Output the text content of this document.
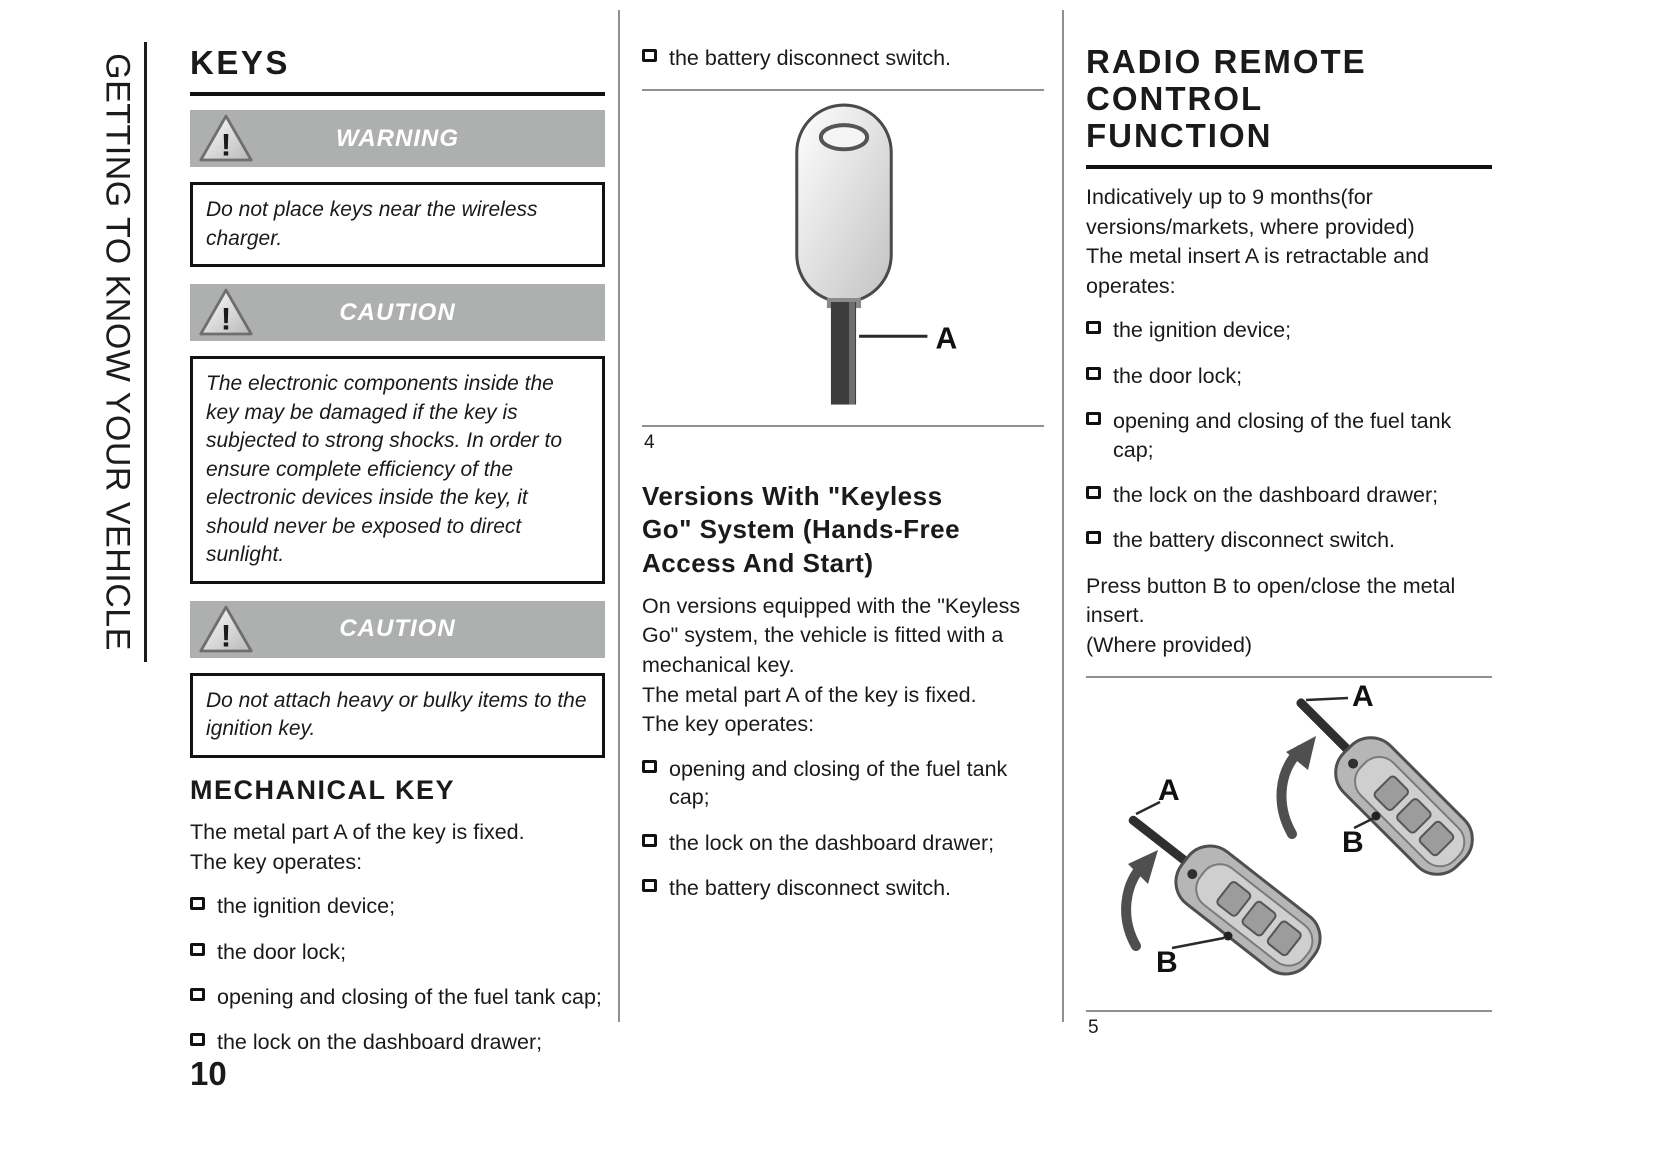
GETTING TO KNOW YOUR VEHICLE KEYS
!	WARNING
Do not place keys near the wireless charger.
!	CAUTION
The electronic components inside the key may be damaged if the key is subjected to strong shocks. In order to ensure complete efficiency of the electronic devices inside the key, it should never be exposed to direct sunlight.
!	CAUTION
Do not attach heavy or bulky items to the ignition key.
MECHANICAL KEY

The metal part A of the key is fixed.
The key operates:

the ignition device;
the door lock;
opening and closing of the fuel tank cap;
the lock on the dashboard drawer;
the battery disconnect switch.
A
4
Versions With "Keyless Go" System (Hands-Free Access And Start)

On versions equipped with the "Keyless Go" system, the vehicle is fitted with a mechanical key.
The metal part A of the key is fixed.
The key operates:

opening and closing of the fuel tank cap;
the lock on the dashboard drawer;
the battery disconnect switch.
RADIO REMOTE CONTROL FUNCTION

Indicatively up to 9 months(for versions/markets, where provided)
The metal insert A is retractable and operates:

the ignition device;
the door lock;
opening and closing of the fuel tank cap;
the lock on the dashboard drawer;
the battery disconnect switch.

Press button B to open/close the metal insert.
(Where provided)

A
B
A
B
5
10
